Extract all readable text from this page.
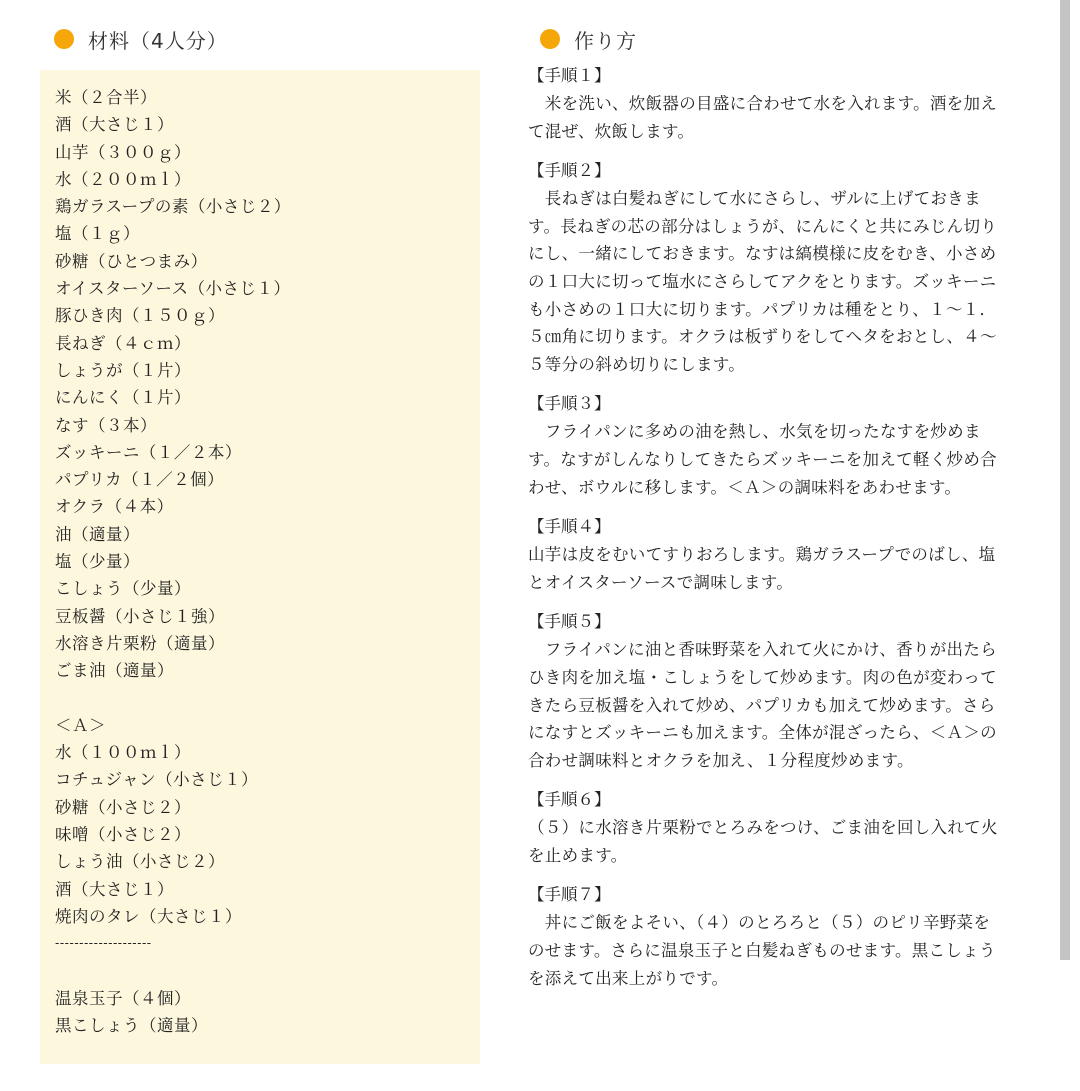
材料（4人分）
米（２合半）
酒（大さじ１）
山芋（３００ｇ）
水（２００ｍｌ）
鶏ガラスープの素（小さじ２）
塩（１ｇ）
砂糖（ひとつまみ）
オイスターソース（小さじ１）
豚ひき肉（１５０ｇ）
長ねぎ（４ｃｍ）
しょうが（１片）
にんにく（１片）
なす（３本）
ズッキーニ（１／２本）
パプリカ（１／２個）
オクラ（４本）
油（適量）
塩（少量）
こしょう（少量）
豆板醤（小さじ１強）
水溶き片栗粉（適量）
ごま油（適量）
＜Ａ＞
水（１００ｍｌ）
コチュジャン（小さじ１）
砂糖（小さじ２）
味噌（小さじ２）
しょう油（小さじ２）
酒（大さじ１）
焼肉のタレ（大さじ１）
--------------------
温泉玉子（４個）
黒こしょう（適量）
作り方
【手順１】
　米を洗い、炊飯器の目盛に合わせて水を入れます。酒を加え
て混ぜ、炊飯します。
【手順２】
　長ねぎは白髪ねぎにして水にさらし、ザルに上げておきま
す。長ねぎの芯の部分はしょうが、にんにくと共にみじん切り
にし、一緒にしておきます。なすは縞模様に皮をむき、小さめ
の１口大に切って塩水にさらしてアクをとります。ズッキーニ
も小さめの１口大に切ります。パプリカは種をとり、１～１．
５㎝角に切ります。オクラは板ずりをしてヘタをおとし、４～
５等分の斜め切りにします。
【手順３】
　フライパンに多めの油を熱し、水気を切ったなすを炒めま
す。なすがしんなりしてきたらズッキーニを加えて軽く炒め合
わせ、ボウルに移します。＜Ａ＞の調味料をあわせます。
【手順４】
山芋は皮をむいてすりおろします。鶏ガラスープでのばし、塩
とオイスターソースで調味します。
【手順５】
　フライパンに油と香味野菜を入れて火にかけ、香りが出たら
ひき肉を加え塩・こしょうをして炒めます。肉の色が変わって
きたら豆板醤を入れて炒め、パプリカも加えて炒めます。さら
になすとズッキーニも加えます。全体が混ざったら、＜Ａ＞の
合わせ調味料とオクラを加え、１分程度炒めます。
【手順６】
（５）に水溶き片栗粉でとろみをつけ、ごま油を回し入れて火
を止めます。
【手順７】
　丼にご飯をよそい、（４）のとろろと（５）のピリ辛野菜を
のせます。さらに温泉玉子と白髪ねぎものせます。黒こしょう
を添えて出来上がりです。
